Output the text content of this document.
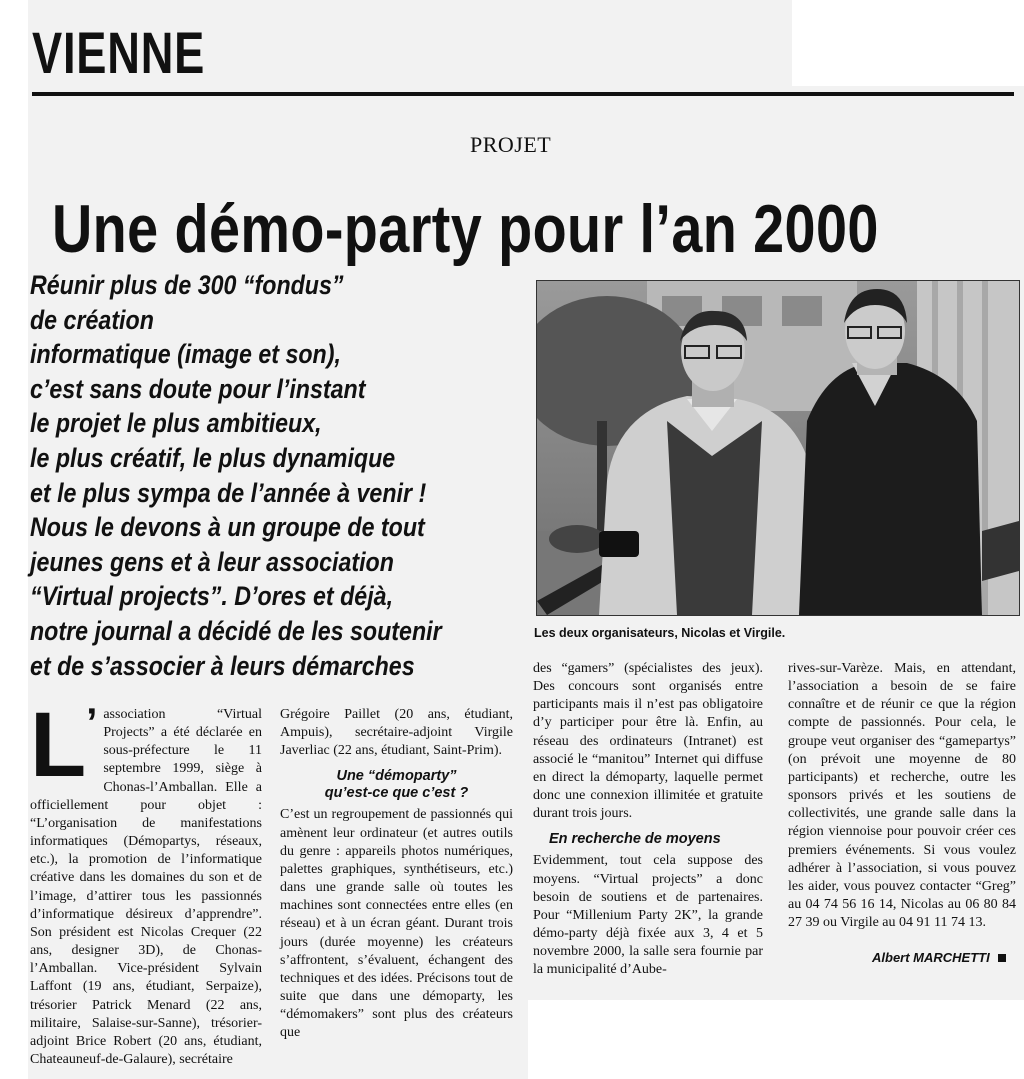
VIENNE
PROJET
Une démo-party pour l’an 2000
Réunir plus de 300 “fondus”
de création
informatique (image et son),
c’est sans doute pour l’instant
le projet le plus ambitieux,
le plus créatif, le plus dynamique
et le plus sympa de l’année à venir !
Nous le devons à un groupe de tout
jeunes gens et à leur association
“Virtual projects”. D’ores et déjà,
notre journal a décidé de les soutenir
et de s’associer à leurs démarches
Les deux organisateurs, Nicolas et Virgile.
L’ association “Virtual Projects” a été déclarée en sous-préfecture le 11 septembre 1999, siège à Chonas-l’Amballan. Elle a officiellement pour objet : “L’organisation de manifestations informatiques (Démopartys, réseaux, etc.), la promotion de l’informatique créative dans les domaines du son et de l’image, d’attirer tous les passionnés d’informatique désireux d’apprendre”. Son président est Nicolas Crequer (22 ans, designer 3D), de Chonas-l’Amballan. Vice-président Sylvain Laffont (19 ans, étudiant, Serpaize), trésorier Patrick Menard (22 ans, militaire, Salaise-sur-Sanne), trésorier-adjoint Brice Robert (20 ans, étudiant, Chateauneuf-de-Galaure), secrétaire

Grégoire Paillet (20 ans, étudiant, Ampuis), secrétaire-adjoint Virgile Javerliac (22 ans, étudiant, Saint-Prim).

Une “démoparty”
qu’est-ce que c’est ?

C’est un regroupement de passionnés qui amènent leur ordinateur (et autres outils du genre : appareils photos numériques, palettes graphiques, synthétiseurs, etc.) dans une grande salle où toutes les machines sont connectées entre elles (en réseau) et à un écran géant. Durant trois jours (durée moyenne) les créateurs s’affrontent, s’évaluent, échangent des techniques et des idées. Précisons tout de suite que dans une démoparty, les “démomakers” sont plus des créateurs que

des “gamers” (spécialistes des jeux). Des concours sont organisés entre participants mais il n’est pas obligatoire d’y participer pour être là. Enfin, au réseau des ordinateurs (Intranet) est associé le “manitou” Internet qui diffuse en direct la démoparty, laquelle permet donc une connexion illimitée et gratuite durant trois jours.

En recherche de moyens

Evidemment, tout cela suppose des moyens. “Virtual projects” a donc besoin de soutiens et de partenaires. Pour “Millenium Party 2K”, la grande démo-party déjà fixée aux 3, 4 et 5 novembre 2000, la salle sera fournie par la municipalité d’Aube-

rives-sur-Varèze. Mais, en attendant, l’association a besoin de se faire connaître et de réunir ce que la région compte de passionnés. Pour cela, le groupe veut organiser des “gamepartys” (on prévoit une moyenne de 80 participants) et recherche, outre les sponsors privés et les soutiens de collectivités, une grande salle dans la région viennoise pour pouvoir créer ces premiers événements. Si vous voulez adhérer à l’association, si vous pouvez les aider, vous pouvez contacter “Greg” au 04 74 56 16 14, Nicolas au 06 80 84 27 39 ou Virgile au 04 91 11 74 13.

Albert MARCHETTI
